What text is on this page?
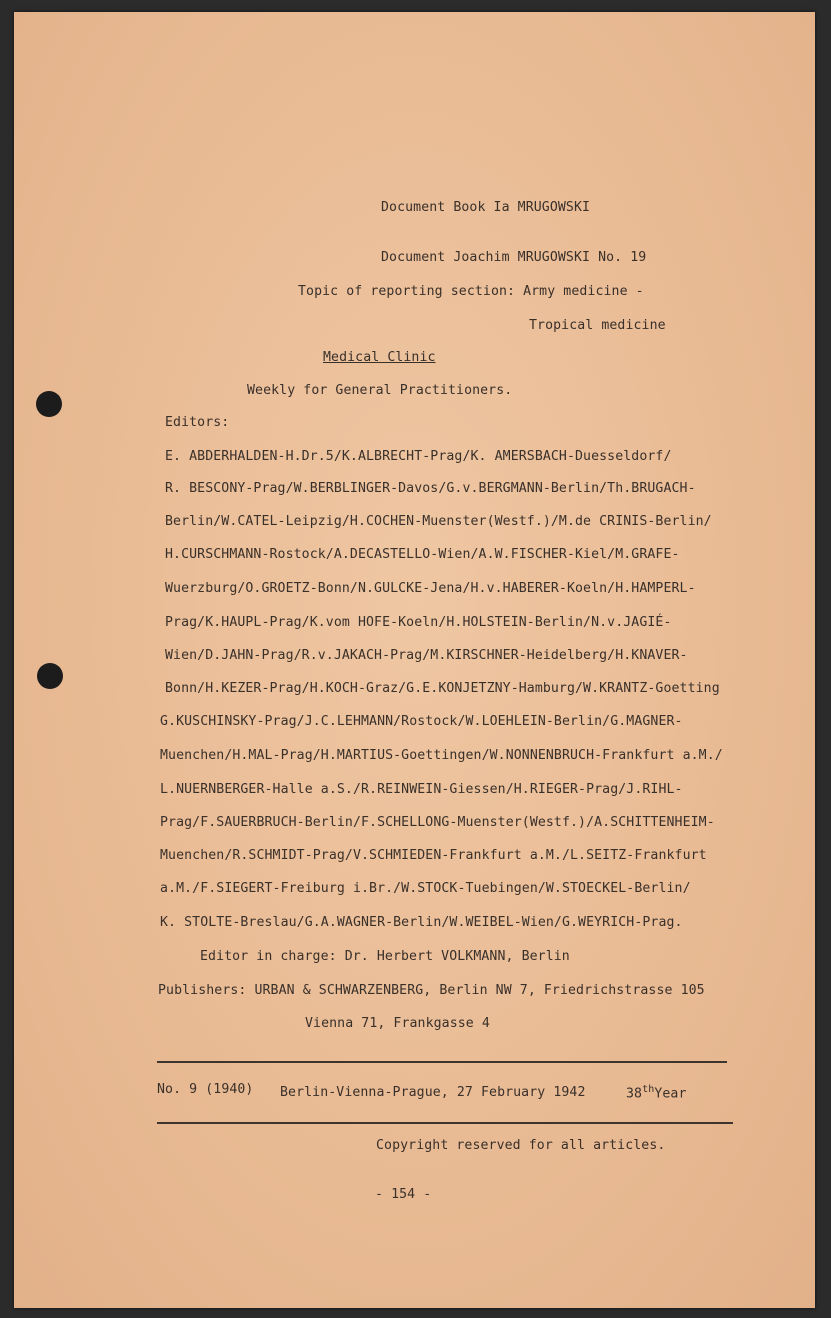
Document Book Ia MRUGOWSKI
Document Joachim MRUGOWSKI No. 19
Topic of reporting section: Army medicine -
Tropical medicine
Medical Clinic
Weekly for General Practitioners.
Editors:
E. ABDERHALDEN-H.Dr.5/K.ALBRECHT-Prag/K. AMERSBACH-Duesseldorf/
R. BESCONY-Prag/W.BERBLINGER-Davos/G.v.BERGMANN-Berlin/Th.BRUGACH-
Berlin/W.CATEL-Leipzig/H.COCHEN-Muenster(Westf.)/M.de CRINIS-Berlin/
H.CURSCHMANN-Rostock/A.DECASTELLO-Wien/A.W.FISCHER-Kiel/M.GRAFE-
Wuerzburg/O.GROETZ-Bonn/N.GULCKE-Jena/H.v.HABERER-Koeln/H.HAMPERL-
Prag/K.HAUPL-Prag/K.vom HOFE-Koeln/H.HOLSTEIN-Berlin/N.v.JAGIÉ-
Wien/D.JAHN-Prag/R.v.JAKACH-Prag/M.KIRSCHNER-Heidelberg/H.KNAVER-
Bonn/H.KEZER-Prag/H.KOCH-Graz/G.E.KONJETZNY-Hamburg/W.KRANTZ-Goetting
G.KUSCHINSKY-Prag/J.C.LEHMANN/Rostock/W.LOEHLEIN-Berlin/G.MAGNER-
Muenchen/H.MAL-Prag/H.MARTIUS-Goettingen/W.NONNENBRUCH-Frankfurt a.M./
L.NUERNBERGER-Halle a.S./R.REINWEIN-Giessen/H.RIEGER-Prag/J.RIHL-
Prag/F.SAUERBRUCH-Berlin/F.SCHELLONG-Muenster(Westf.)/A.SCHITTENHEIM-
Muenchen/R.SCHMIDT-Prag/V.SCHMIEDEN-Frankfurt a.M./L.SEITZ-Frankfurt
a.M./F.SIEGERT-Freiburg i.Br./W.STOCK-Tuebingen/W.STOECKEL-Berlin/
K. STOLTE-Breslau/G.A.WAGNER-Berlin/W.WEIBEL-Wien/G.WEYRICH-Prag.
Editor in charge: Dr. Herbert VOLKMANN, Berlin
Publishers: URBAN & SCHWARZENBERG, Berlin NW 7, Friedrichstrasse 105
Vienna 71, Frankgasse 4
No. 9 (1940) Berlin-Vienna-Prague, 27 February 1942	38thYear
Copyright reserved for all articles.
- 154 -
